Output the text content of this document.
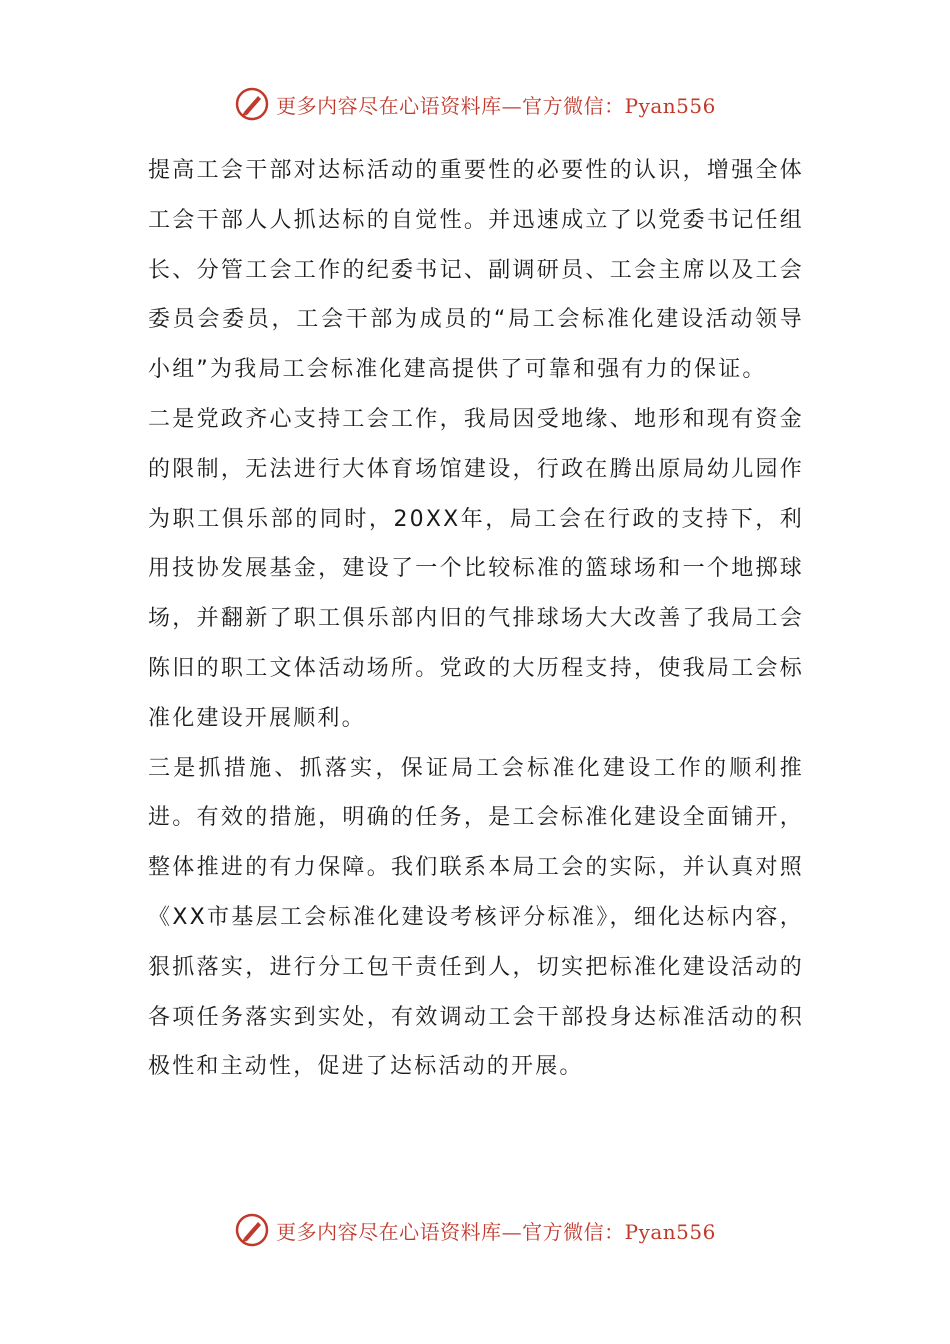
更多内容尽在心语资料库—官方微信：Pyan556

提高工会干部对达标活动的重要性的必要性的认识，增强全体工会干部人人抓达标的自觉性。并迅速成立了以党委书记任组长、分管工会工作的纪委书记、副调研员、工会主席以及工会委员会委员，工会干部为成员的“局工会标准化建设活动领导小组”为我局工会标准化建高提供了可靠和强有力的保证。

二是党政齐心支持工会工作，我局因受地缘、地形和现有资金的限制，无法进行大体育场馆建设，行政在腾出原局幼儿园作为职工俱乐部的同时，20XX年，局工会在行政的支持下，利用技协发展基金，建设了一个比较标准的篮球场和一个地掷球场，并翻新了职工俱乐部内旧的气排球场大大改善了我局工会陈旧的职工文体活动场所。党政的大历程支持，使我局工会标准化建设开展顺利。

三是抓措施、抓落实，保证局工会标准化建设工作的顺利推进。有效的措施，明确的任务，是工会标准化建设全面铺开，整体推进的有力保障。我们联系本局工会的实际，并认真对照《XX市基层工会标准化建设考核评分标准》，细化达标内容，狠抓落实，进行分工包干责任到人，切实把标准化建设活动的各项任务落实到实处，有效调动工会干部投身达标准活动的积极性和主动性，促进了达标活动的开展。

更多内容尽在心语资料库—官方微信：Pyan556
